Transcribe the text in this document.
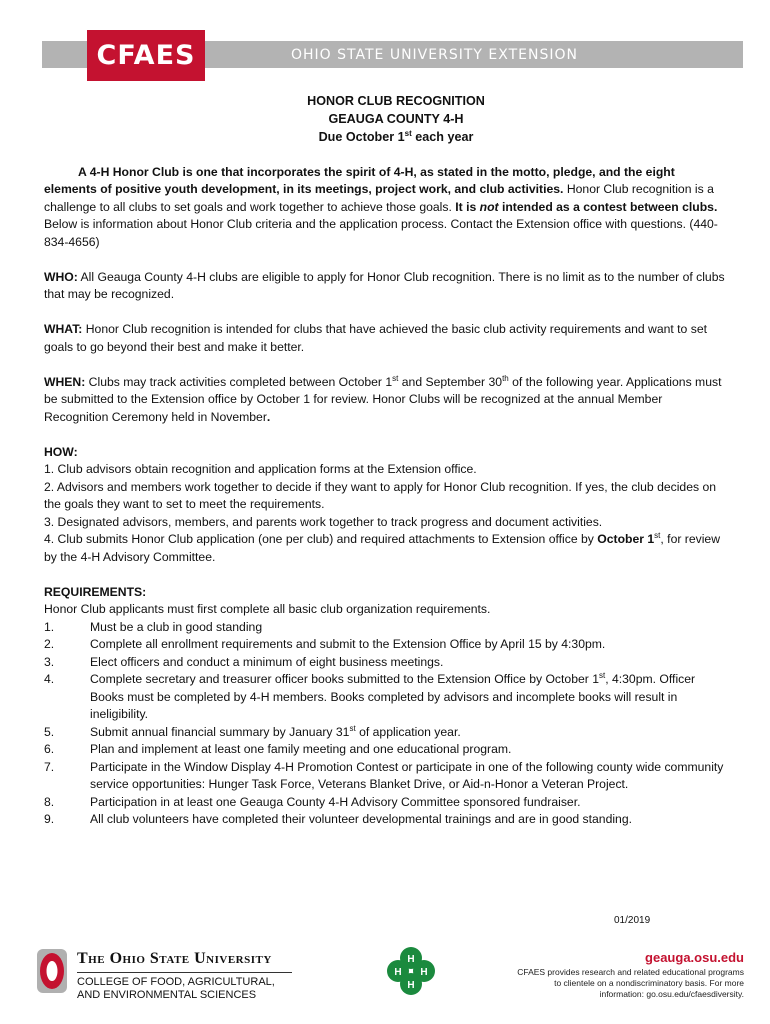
OHIO STATE UNIVERSITY EXTENSION
CFAES
HONOR CLUB RECOGNITION
GEAUGA COUNTY 4-H
Due October 1st each year

A 4-H Honor Club is one that incorporates the spirit of 4-H, as stated in the motto, pledge, and the eight elements of positive youth development, in its meetings, project work, and club activities. Honor Club recognition is a challenge to all clubs to set goals and work together to achieve those goals. It is not intended as a contest between clubs. Below is information about Honor Club criteria and the application process. Contact the Extension office with questions. (440-834-4656)

WHO: All Geauga County 4-H clubs are eligible to apply for Honor Club recognition. There is no limit as to the number of clubs that may be recognized.

WHAT: Honor Club recognition is intended for clubs that have achieved the basic club activity requirements and want to set goals to go beyond their best and make it better.

WHEN: Clubs may track activities completed between October 1st and September 30th of the following year. Applications must be submitted to the Extension office by October 1 for review. Honor Clubs will be recognized at the annual Member Recognition Ceremony held in November.

HOW:

1. Club advisors obtain recognition and application forms at the Extension office.

2. Advisors and members work together to decide if they want to apply for Honor Club recognition. If yes, the club decides on the goals they want to set to meet the requirements.

3. Designated advisors, members, and parents work together to track progress and document activities.

4. Club submits Honor Club application (one per club) and required attachments to Extension office by October 1st, for review by the 4-H Advisory Committee.

REQUIREMENTS:

Honor Club applicants must first complete all basic club organization requirements.

1.	Must be a club in good standing
2.	Complete all enrollment requirements and submit to the Extension Office by April 15 by 4:30pm.
3.	Elect officers and conduct a minimum of eight business meetings.
4.	Complete secretary and treasurer officer books submitted to the Extension Office by October 1st, 4:30pm. Officer Books must be completed by 4-H members. Books completed by advisors and incomplete books will result in ineligibility.
5.	Submit annual financial summary by January 31st of application year.
6.	Plan and implement at least one family meeting and one educational program.
7.	Participate in the Window Display 4-H Promotion Contest or participate in one of the following county wide community service opportunities: Hunger Task Force, Veterans Blanket Drive, or Aid-n-Honor a Veteran Project.
8.	Participation in at least one Geauga County 4-H Advisory Committee sponsored fundraiser.
9.	All club volunteers have completed their volunteer developmental trainings and are in good standing.
01/2019
The Ohio State University
COLLEGE OF FOOD, AGRICULTURAL,
AND ENVIRONMENTAL SCIENCES
H
H
H
H
geauga.osu.edu
CFAES provides research and related educational programs to clientele on a nondiscriminatory basis. For more information: go.osu.edu/cfaesdiversity.
